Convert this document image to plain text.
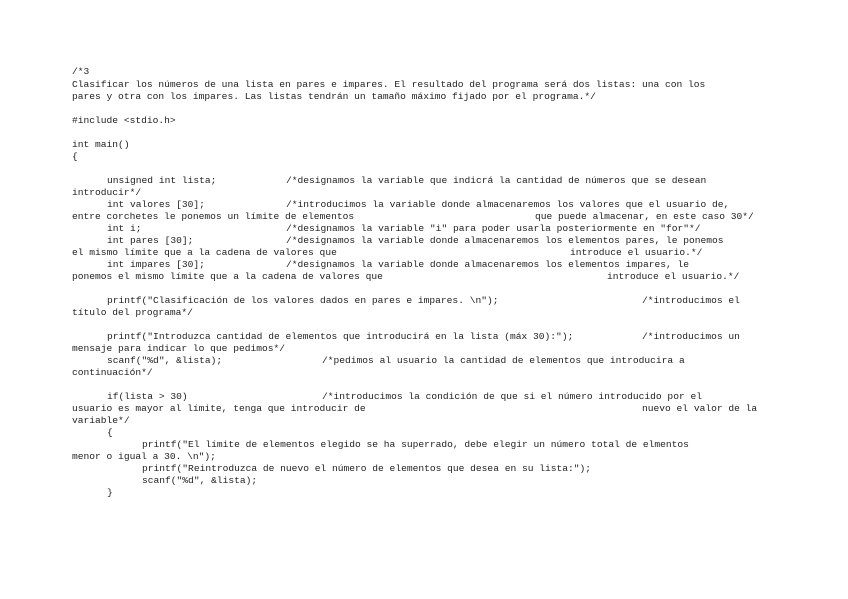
/*3
Clasificar los números de una lista en pares e impares. El resultado del programa será dos listas: una con los
pares y otra con los impares. Las listas tendrán un tamaño máximo fijado por el programa.*/
#include <stdio.h>
int main()
{

unsigned int lista;

	/*designamos la variable que indicrá la cantidad de números que se desean

introducir*/

int valores [30];

	/*introducimos la variable donde almacenaremos los valores que el usuario de,

entre corchetes le ponemos un límite de elementos

	que puede almacenar, en este caso 30*/

int i;

	/*designamos la variable "i" para poder usarla posteriormente en "for"*/

int pares [30];

	/*designamos la variable donde almacenaremos los elementos pares, le ponemos

el mismo límite que a la cadena de valores que

	introduce el usuario.*/

int impares [30];

	/*designamos la variable donde almacenaremos los elementos impares, le

ponemos el mismo límite que a la cadena de valores que

	introduce el usuario.*/

printf("Clasificación de los valores dados en pares e impares. \n");

	/*introducimos el

título del programa*/

printf("Introduzca cantidad de elementos que introducirá en la lista (máx 30):");

	/*introducimos un

mensaje para indicar lo que pedimos*/

scanf("%d", &lista);

	/*pedimos al usuario la cantidad de elementos que introducira a

continuación*/

if(lista > 30)

	/*introducimos la condición de que si el número introducido por el

usuario es mayor al límite, tenga que introducir de

	nuevo el valor de la

variable*/

{

printf("El límite de elementos elegido se ha superrado, debe elegir un número total de elmentos

menor o igual a 30. \n");

printf("Reintroduzca de nuevo el número de elementos que desea en su lista:");

scanf("%d", &lista);

}
